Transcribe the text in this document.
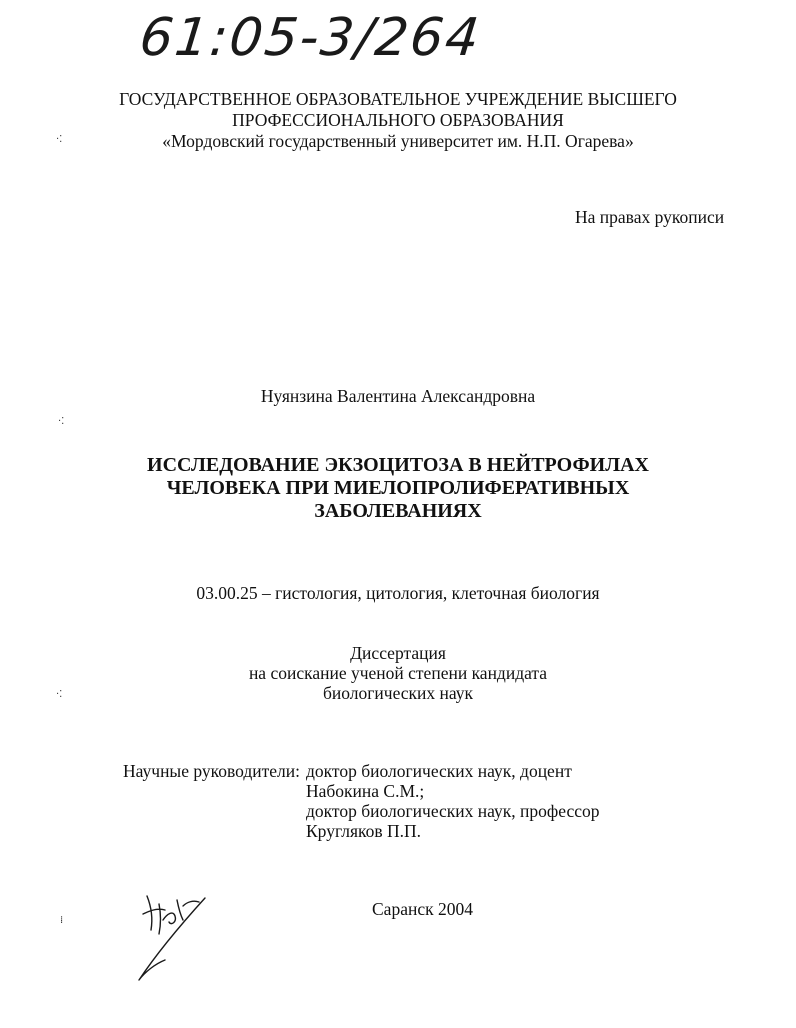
61:05-3/264
·⁚
·⁚
·⁚
⁞
ГОСУДАРСТВЕННОЕ ОБРАЗОВАТЕЛЬНОЕ УЧРЕЖДЕНИЕ ВЫСШЕГО
ПРОФЕССИОНАЛЬНОГО ОБРАЗОВАНИЯ
«Мордовский государственный университет им. Н.П. Огарева»
На правах рукописи
Нуянзина Валентина Александровна
ИССЛЕДОВАНИЕ ЭКЗОЦИТОЗА В НЕЙТРОФИЛАХ
ЧЕЛОВЕКА ПРИ МИЕЛОПРОЛИФЕРАТИВНЫХ
ЗАБОЛЕВАНИЯХ
03.00.25 – гистология, цитология, клеточная биология
Диссертация
на соискание ученой степени кандидата
биологических наук
Научные руководители: доктор биологических наук, доцент
Набокина С.М.;
доктор биологических наук, профессор
Кругляков П.П.
Саранск 2004
